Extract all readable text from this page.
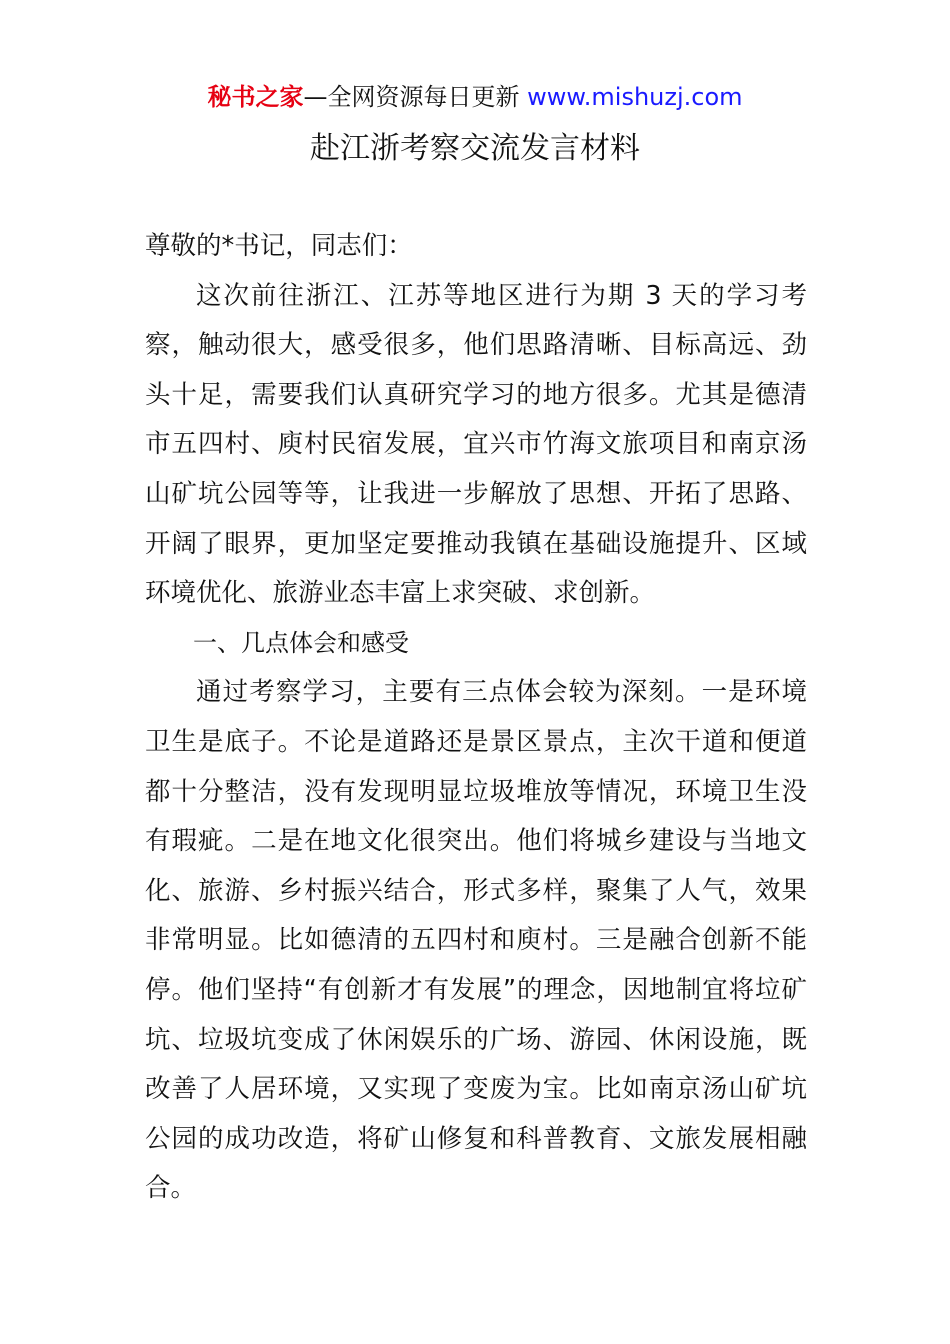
秘书之家—全网资源每日更新 www.mishuzj.com
赴江浙考察交流发言材料

尊敬的*书记，同志们：

这次前往浙江、江苏等地区进行为期 3 天的学习考察，触动很大，感受很多，他们思路清晰、目标高远、劲头十足，需要我们认真研究学习的地方很多。尤其是德清市五四村、庾村民宿发展，宜兴市竹海文旅项目和南京汤山矿坑公园等等，让我进一步解放了思想、开拓了思路、开阔了眼界，更加坚定要推动我镇在基础设施提升、区域环境优化、旅游业态丰富上求突破、求创新。

一、几点体会和感受

通过考察学习，主要有三点体会较为深刻。一是环境卫生是底子。不论是道路还是景区景点，主次干道和便道都十分整洁，没有发现明显垃圾堆放等情况，环境卫生没有瑕疵。二是在地文化很突出。他们将城乡建设与当地文化、旅游、乡村振兴结合，形式多样，聚集了人气，效果非常明显。比如德清的五四村和庾村。三是融合创新不能停。他们坚持“有创新才有发展”的理念，因地制宜将垃矿坑、垃圾坑变成了休闲娱乐的广场、游园、休闲设施，既改善了人居环境，又实现了变废为宝。比如南京汤山矿坑公园的成功改造，将矿山修复和科普教育、文旅发展相融合。
